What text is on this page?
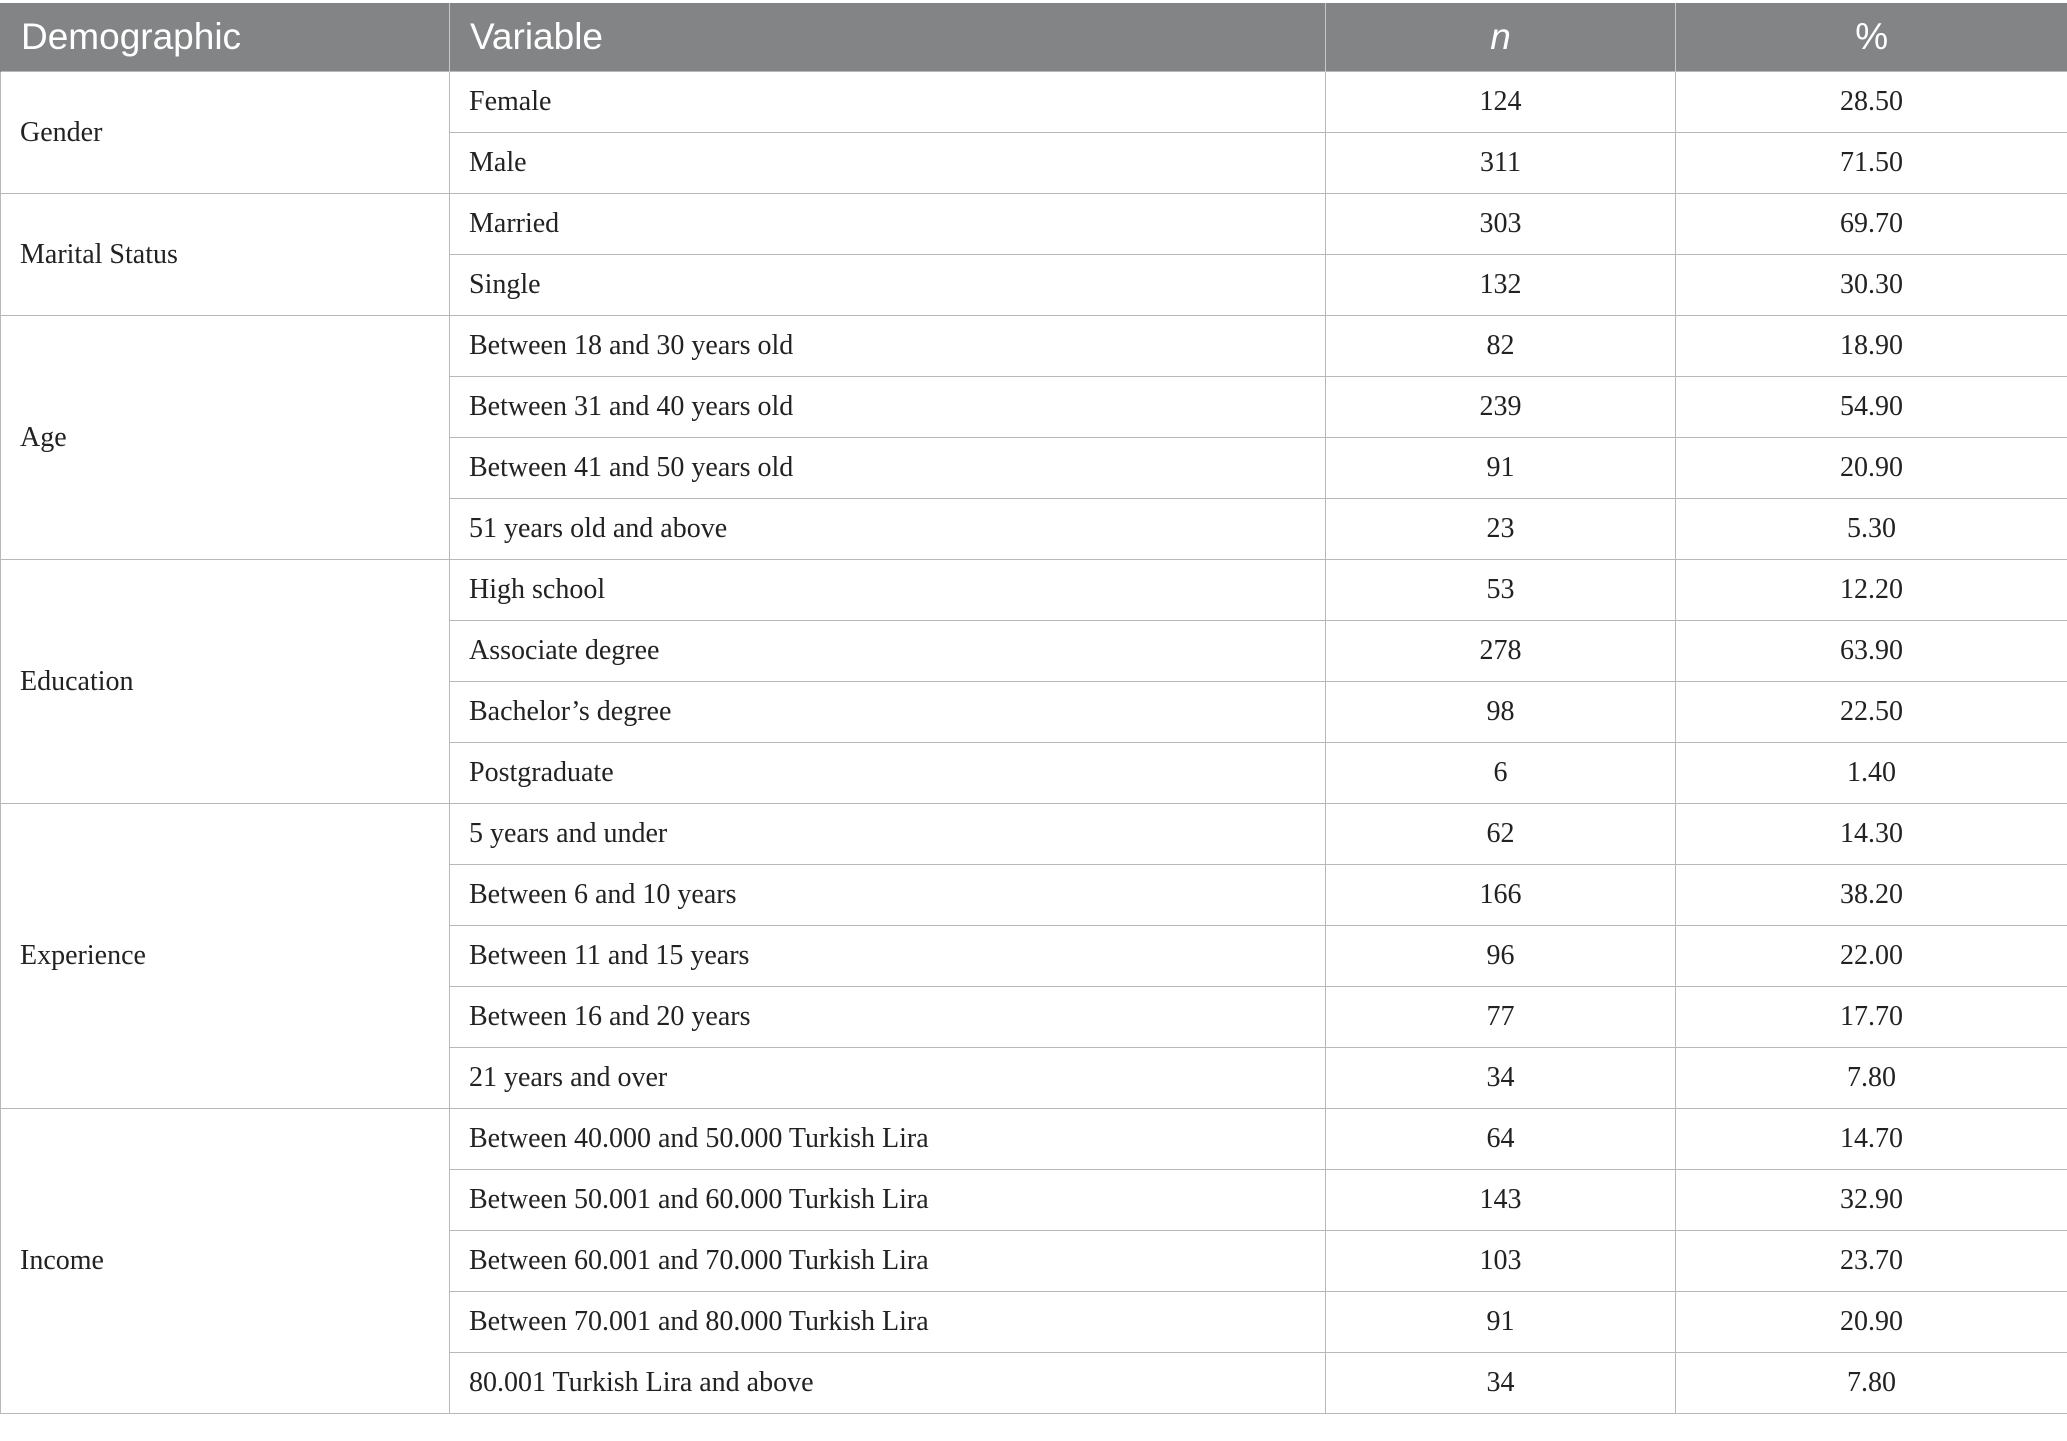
Demographic	Variable	n	%
Gender	Female	124	28.50
	Male	311	71.50
Marital Status	Married	303	69.70
	Single	132	30.30
Age	Between 18 and 30 years old	82	18.90
	Between 31 and 40 years old	239	54.90
	Between 41 and 50 years old	91	20.90
	51 years old and above	23	5.30
Education	High school	53	12.20
	Associate degree	278	63.90
	Bachelor’s degree	98	22.50
	Postgraduate	6	1.40
Experience	5 years and under	62	14.30
	Between 6 and 10 years	166	38.20
	Between 11 and 15 years	96	22.00
	Between 16 and 20 years	77	17.70
	21 years and over	34	7.80
Income	Between 40.000 and 50.000 Turkish Lira	64	14.70
	Between 50.001 and 60.000 Turkish Lira	143	32.90
	Between 60.001 and 70.000 Turkish Lira	103	23.70
	Between 70.001 and 80.000 Turkish Lira	91	20.90
	80.001 Turkish Lira and above	34	7.80
